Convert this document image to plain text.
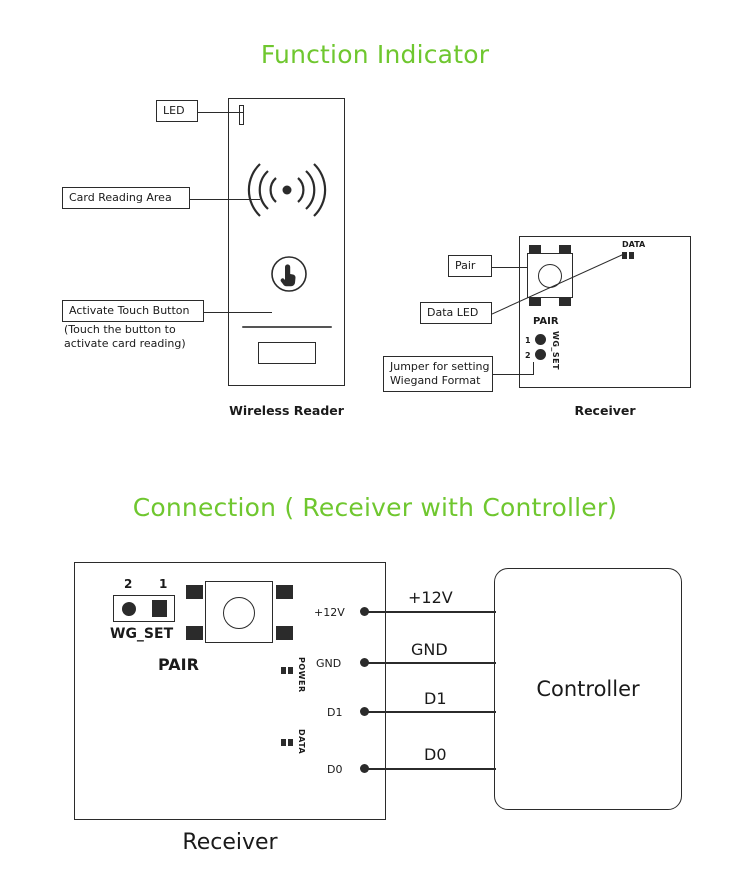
Function Indicator
Wireless Reader
LED
Card Reading Area
Activate Touch Button
(Touch the button to
activate card reading)
PAIR
DATA
1
2	WG_SET
Receiver
Pair
Data LED
Jumper for setting
Wiegand Format
Connection ( Receiver with Controller)
2 1
WG_SET
PAIR	POWER
DATA
Receiver
Controller
+12V
+12V
GND
GND
D1
D1
D0
D0
